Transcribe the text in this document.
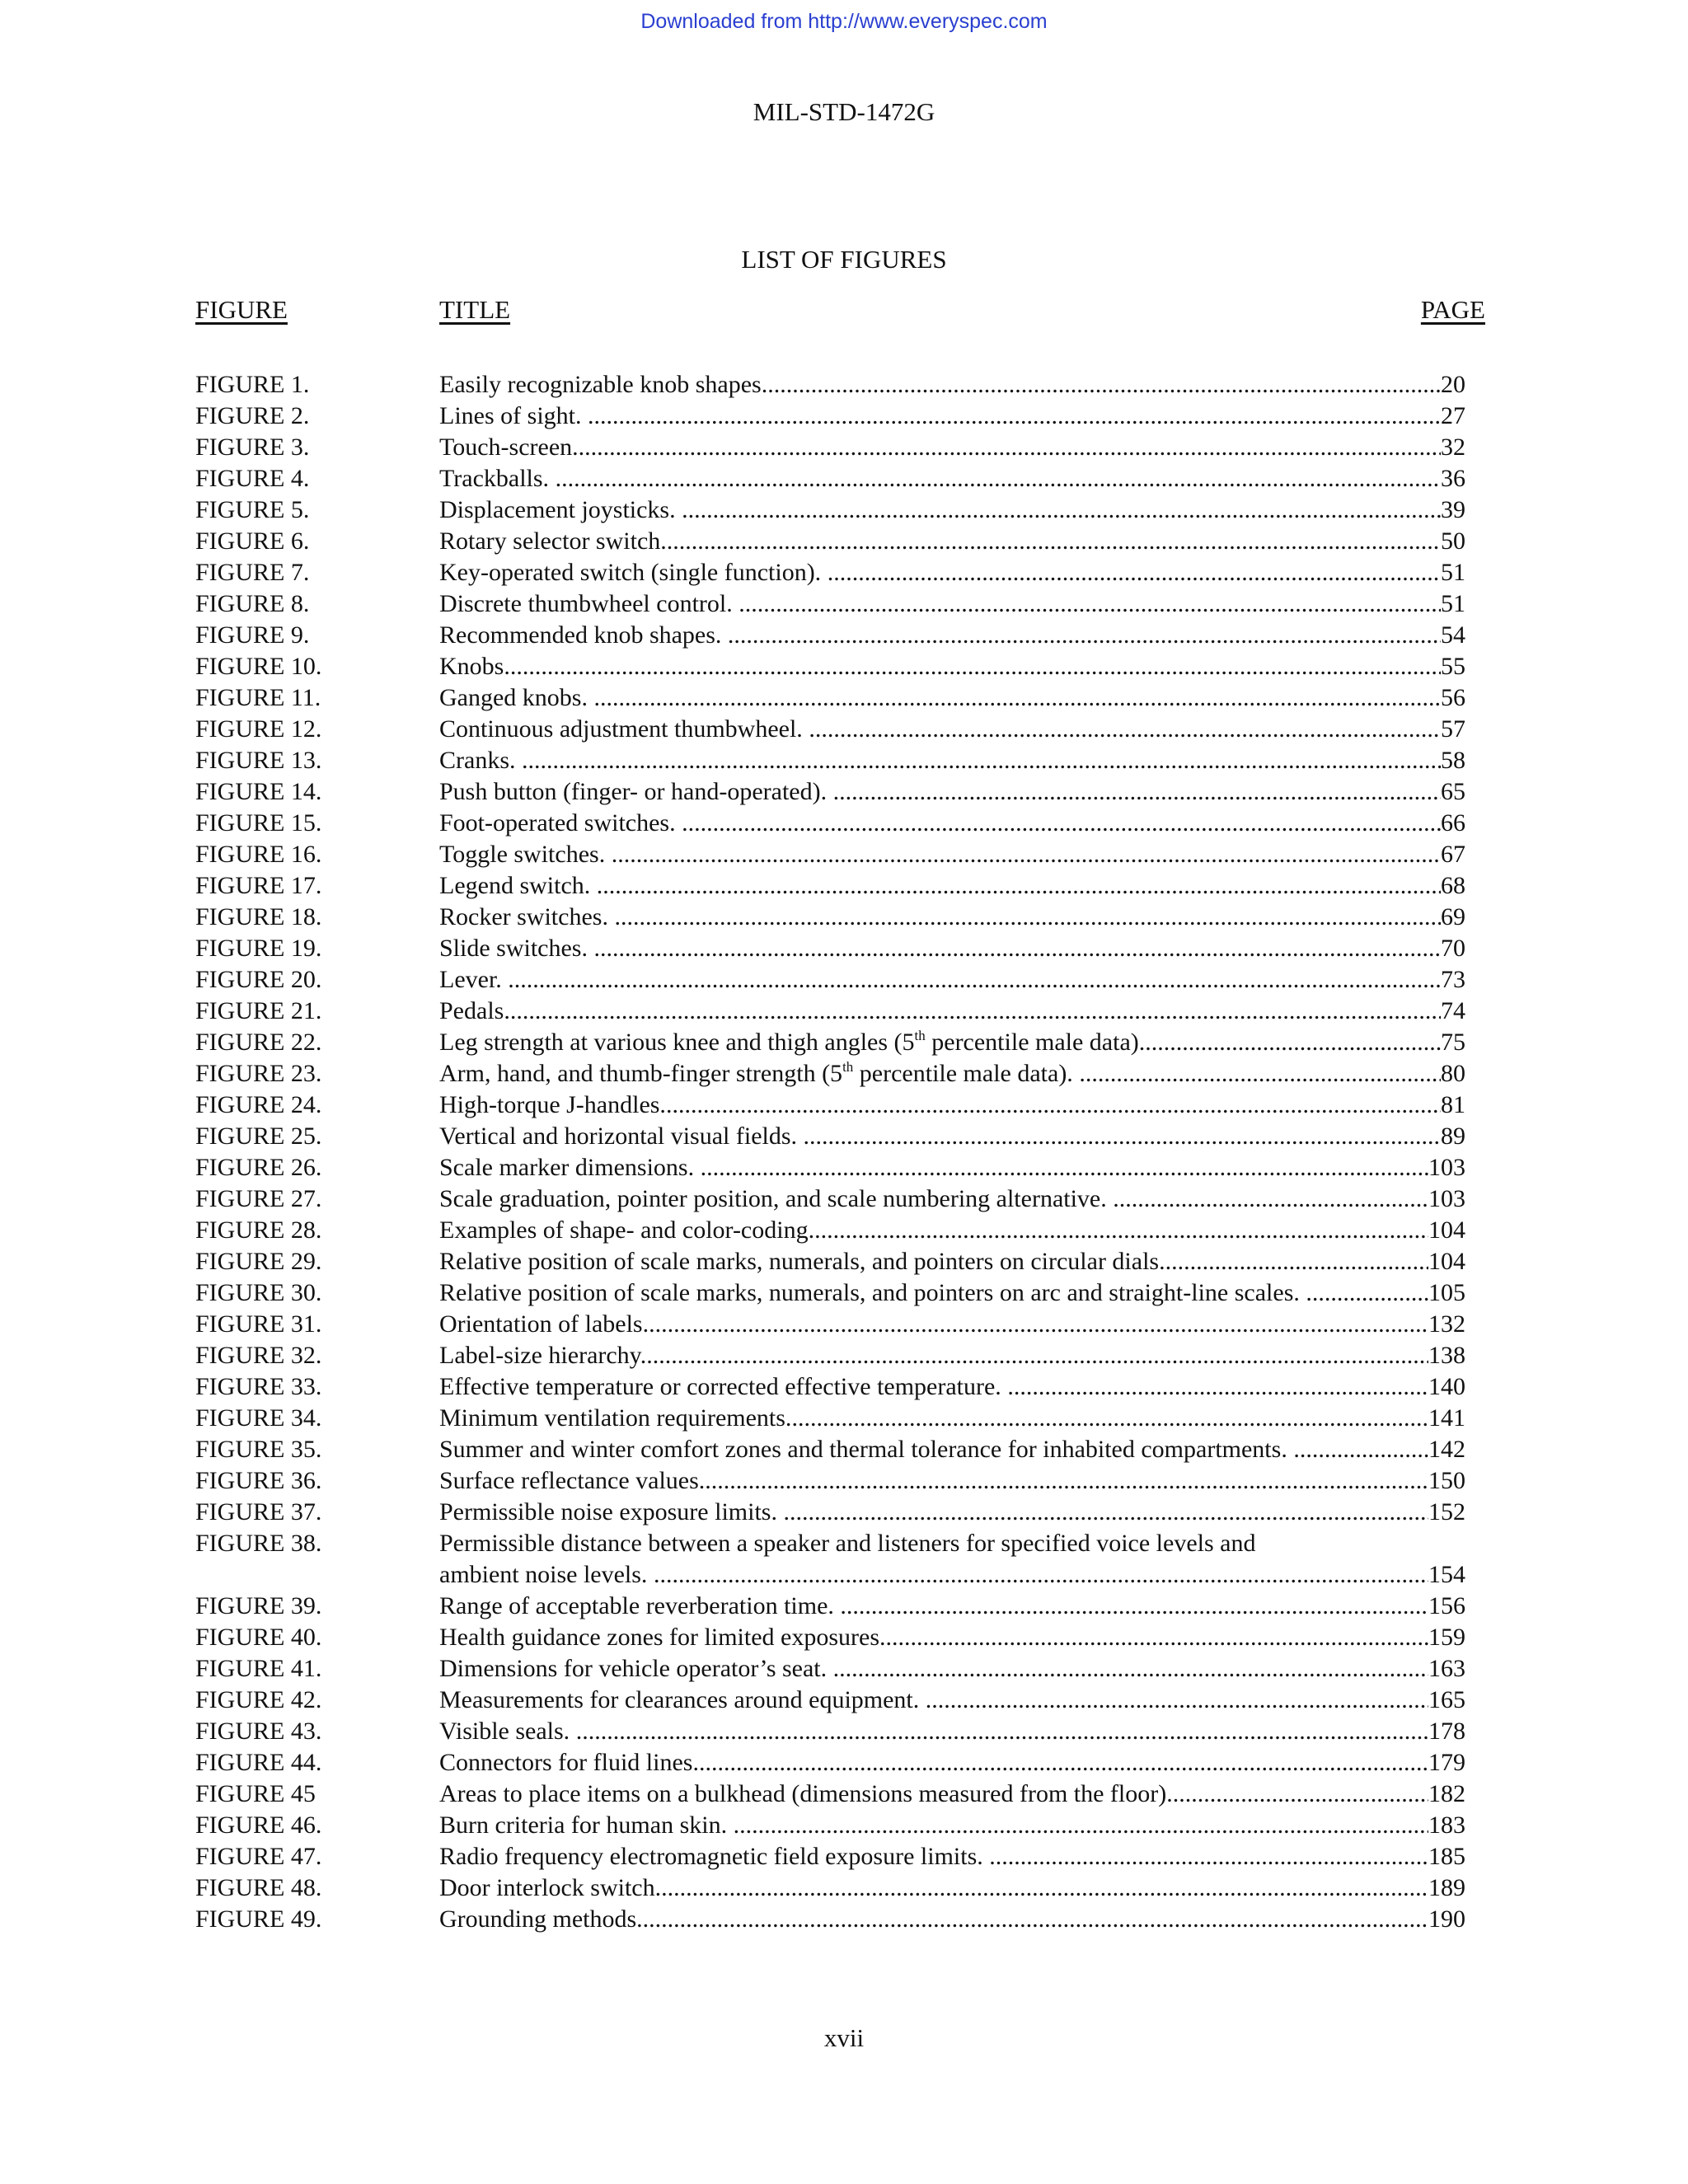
Downloaded from http://www.everyspec.com
MIL-STD-1472G
LIST OF FIGURES
FIGURE	TITLE	PAGE
FIGURE 1.	Easily recognizable knob shapes. .....	20
FIGURE 2.	Lines of sight. .....	27
FIGURE 3.	Touch-screen. .....	32
FIGURE 4.	Trackballs. .....	36
FIGURE 5.	Displacement joysticks. .....	39
FIGURE 6.	Rotary selector switch. .....	50
FIGURE 7.	Key-operated switch (single function). .....	51
FIGURE 8.	Discrete thumbwheel control. .....	51
FIGURE 9.	Recommended knob shapes. .....	54
FIGURE 10.	Knobs. .....	55
FIGURE 11.	Ganged knobs. .....	56
FIGURE 12.	Continuous adjustment thumbwheel. .....	57
FIGURE 13.	Cranks. .....	58
FIGURE 14.	Push button (finger- or hand-operated). .....	65
FIGURE 15.	Foot-operated switches. .....	66
FIGURE 16.	Toggle switches. .....	67
FIGURE 17.	Legend switch. .....	68
FIGURE 18.	Rocker switches. .....	69
FIGURE 19.	Slide switches. .....	70
FIGURE 20.	Lever. .....	73
FIGURE 21.	Pedals. .....	74
FIGURE 22.	Leg strength at various knee and thigh angles (5th percentile male data). .....	75
FIGURE 23.	Arm, hand, and thumb-finger strength (5th percentile male data). .....	80
FIGURE 24.	High-torque J-handles. .....	81
FIGURE 25.	Vertical and horizontal visual fields. .....	89
FIGURE 26.	Scale marker dimensions. .....	103
FIGURE 27.	Scale graduation, pointer position, and scale numbering alternative. .....	103
FIGURE 28.	Examples of shape- and color-coding. .....	104
FIGURE 29.	Relative position of scale marks, numerals, and pointers on circular dials. .....	104
FIGURE 30.	Relative position of scale marks, numerals, and pointers on arc and straight-line scales. .....	105
FIGURE 31.	Orientation of labels. .....	132
FIGURE 32.	Label-size hierarchy. .....	138
FIGURE 33.	Effective temperature or corrected effective temperature. .....	140
FIGURE 34.	Minimum ventilation requirements. .....	141
FIGURE 35.	Summer and winter comfort zones and thermal tolerance for inhabited compartments. .....	142
FIGURE 36.	Surface reflectance values. .....	150
FIGURE 37.	Permissible noise exposure limits. .....	152
FIGURE 38.	Permissible distance between a speaker and listeners for specified voice levels and
ambient noise levels. .....	154
FIGURE 39.	Range of acceptable reverberation time. .....	156
FIGURE 40.	Health guidance zones for limited exposures. .....	159
FIGURE 41.	Dimensions for vehicle operator’s seat. .....	163
FIGURE 42.	Measurements for clearances around equipment. .....	165
FIGURE 43.	Visible seals. .....	178
FIGURE 44.	Connectors for fluid lines. .....	179
FIGURE 45	Areas to place items on a bulkhead (dimensions measured from the floor). .....	182
FIGURE 46.	Burn criteria for human skin. .....	183
FIGURE 47.	Radio frequency electromagnetic field exposure limits. .....	185
FIGURE 48.	Door interlock switch. .....	189
FIGURE 49.	Grounding methods. .....	190
xvii
